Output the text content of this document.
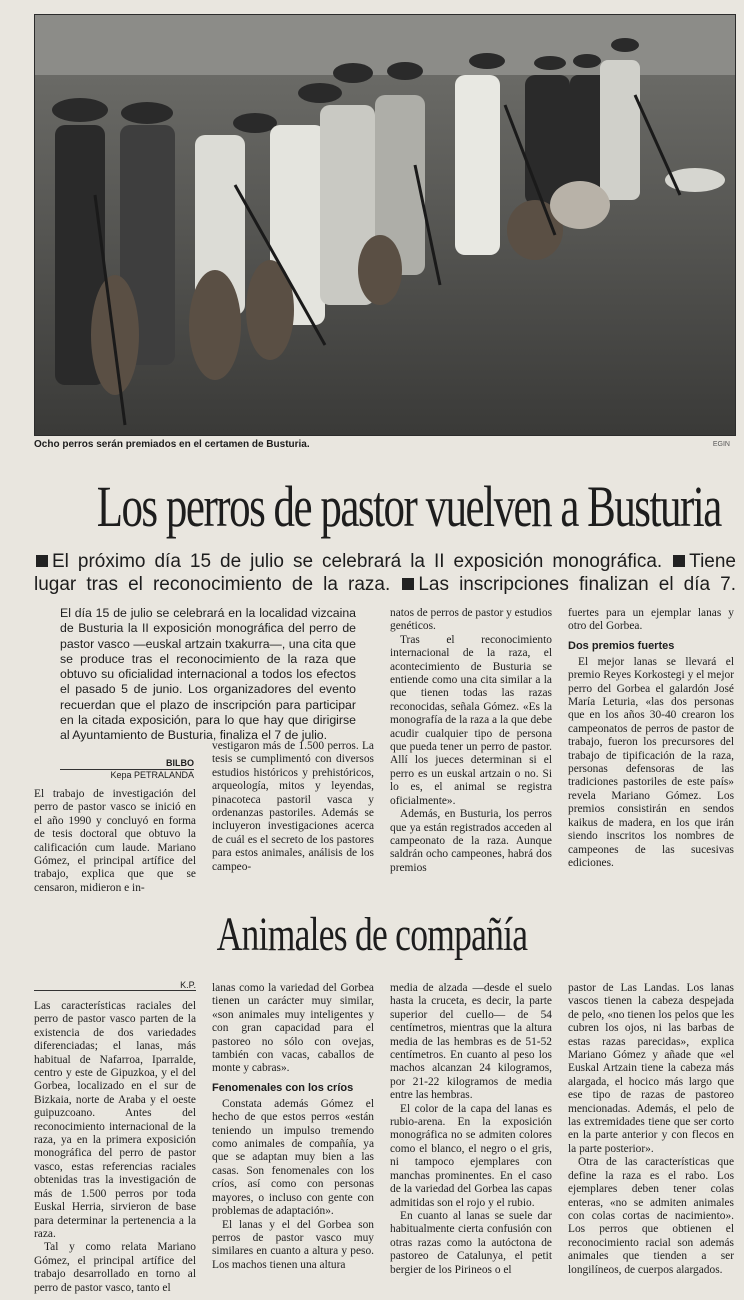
Ocho perros serán premiados en el certamen de Busturia.	EGIN
Los perros de pastor vuelven a Busturia
El próximo día 15 de julio se celebrará la II exposición monográfica. Tiene lugar tras el reconocimiento de la raza. Las inscripciones finalizan el día 7.

El día 15 de julio se celebrará en la localidad vizcaina de Busturia la II exposición monográfica del perro de pastor vasco —euskal artzain txakurra—, una cita que se produce tras el reconocimiento de la raza que obtuvo su oficialidad internacional a todos los efectos el pasado 5 de junio. Los organizadores del evento recuerdan que el plazo de inscripción para participar en la citada exposición, para lo que hay que dirigirse al Ayuntamiento de Busturia, finaliza el 7 de julio.

BILBO
Kepa PETRALANDA

El trabajo de investigación del perro de pastor vasco se inició en el año 1990 y concluyó en forma de tesis doctoral que obtuvo la calificación cum laude. Mariano Gómez, el principal artífice del trabajo, explica que que se censaron, midieron e in-

vestigaron más de 1.500 perros. La tesis se cumplimentó con diversos estudios históricos y prehistóricos, arqueología, mitos y leyendas, pinacoteca pastoril vasca y ordenanzas pastoriles. Además se incluyeron investigaciones acerca de cuál es el secreto de los pastores para estos animales, análisis de los campeo-

natos de perros de pastor y estudios genéticos.

Tras el reconocimiento internacional de la raza, el acontecimiento de Busturia se entiende como una cita similar a la que tienen todas las razas reconocidas, señala Gómez. «Es la monografía de la raza a la que debe acudir cualquier tipo de persona que pueda tener un perro de pastor. Allí los jueces determinan si el perro es un euskal artzain o no. Si lo es, el animal se registra oficialmente».

Además, en Busturia, los perros que ya están registrados acceden al campeonato de la raza. Aunque saldrán ocho campeones, habrá dos premios

fuertes para un ejemplar lanas y otro del Gorbea.

Dos premios fuertes

El mejor lanas se llevará el premio Reyes Korkostegi y el mejor perro del Gorbea el galardón José María Leturia, «las dos personas que en los años 30-40 crearon los campeonatos de perros de pastor de trabajo, fueron los precursores del trabajo de tipificación de la raza, personas defensoras de las tradiciones pastoriles de este país» revela Mariano Gómez. Los premios consistirán en sendos kaikus de madera, en los que irán siendo inscritos los nombres de campeones de las sucesivas ediciones.

Animales de compañía
K.P.

Las características raciales del perro de pastor vasco parten de la existencia de dos variedades diferenciadas; el lanas, más habitual de Nafarroa, Iparralde, centro y este de Gipuzkoa, y el del Gorbea, localizado en el sur de Bizkaia, norte de Araba y el oeste guipuzcoano. Antes del reconocimiento internacional de la raza, ya en la primera exposición monográfica del perro de pastor vasco, estas referencias raciales obtenidas tras la investigación de más de 1.500 perros por toda Euskal Herria, sirvieron de base para determinar la pertenencia a la raza.

Tal y como relata Mariano Gómez, el principal artífice del trabajo desarrollado en torno al perro de pastor vasco, tanto el

lanas como la variedad del Gorbea tienen un carácter muy similar, «son animales muy inteligentes y con gran capacidad para el pastoreo no sólo con ovejas, también con vacas, caballos de monte y cabras».

Fenomenales con los críos

Constata además Gómez el hecho de que estos perros «están teniendo un impulso tremendo como animales de compañía, ya que se adaptan muy bien a las casas. Son fenomenales con los críos, así como con personas mayores, o incluso con gente con problemas de adaptación».

El lanas y el del Gorbea son perros de pastor vasco muy similares en cuanto a altura y peso. Los machos tienen una altura

media de alzada —desde el suelo hasta la cruceta, es decir, la parte superior del cuello— de 54 centímetros, mientras que la altura media de las hembras es de 51-52 centímetros. En cuanto al peso los machos alcanzan 24 kilogramos, por 21-22 kilogramos de media entre las hembras.

El color de la capa del lanas es rubio-arena. En la exposición monográfica no se admiten colores como el blanco, el negro o el gris, ni tampoco ejemplares con manchas prominentes. En el caso de la variedad del Gorbea las capas admitidas son el rojo y el rubio.

En cuanto al lanas se suele dar habitualmente cierta confusión con otras razas como la autóctona de pastoreo de Catalunya, el petit bergier de los Pirineos o el

pastor de Las Landas. Los lanas vascos tienen la cabeza despejada de pelo, «no tienen los pelos que les cubren los ojos, ni las barbas de estas razas parecidas», explica Mariano Gómez y añade que «el Euskal Artzain tiene la cabeza más alargada, el hocico más largo que ese tipo de razas de pastoreo mencionadas. Además, el pelo de las extremidades tiene que ser corto en la parte anterior y con flecos en la parte posterior».

Otra de las características que define la raza es el rabo. Los ejemplares deben tener colas enteras, «no se admiten animales con colas cortas de nacimiento». Los perros que obtienen el reconocimiento racial son además animales que tienden a ser longilíneos, de cuerpos alargados.
